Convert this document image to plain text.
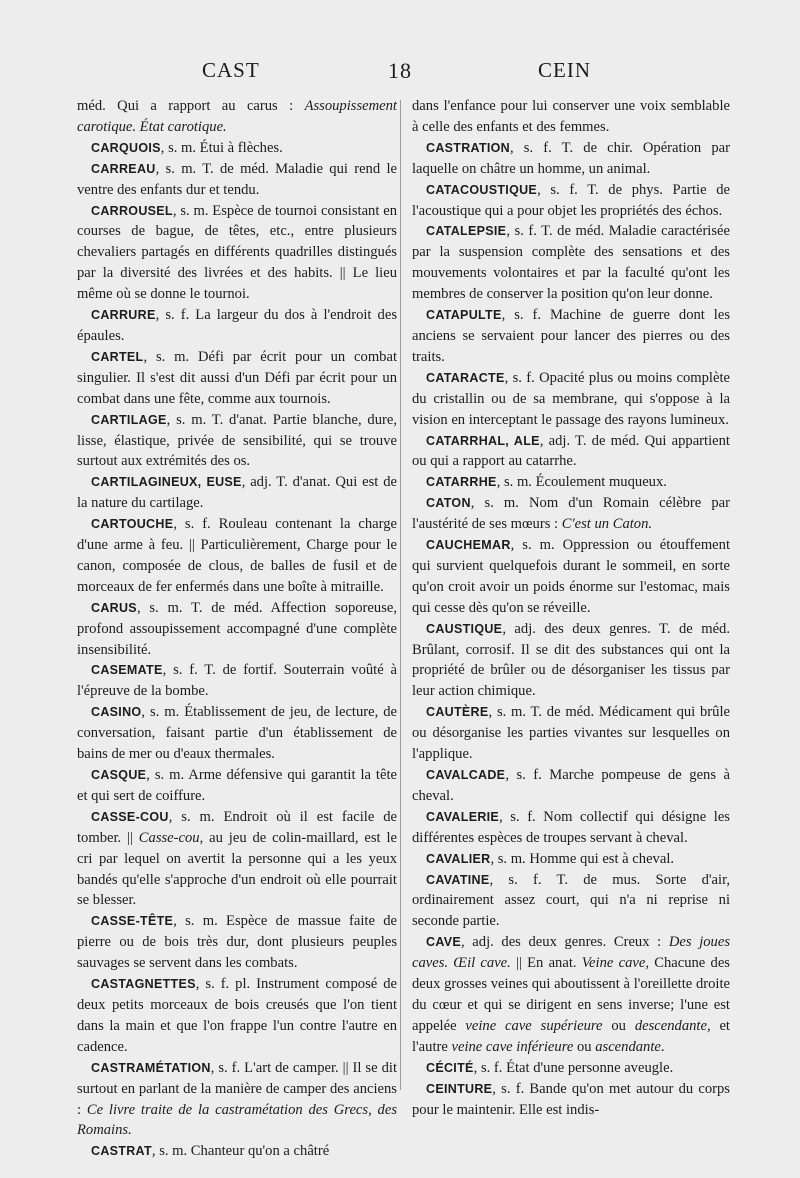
CAST	18	CEIN

méd. Qui a rapport au carus : Assoupissement carotique. État carotique.

CARQUOIS, s. m. Étui à flèches.

CARREAU, s. m. T. de méd. Maladie qui rend le ventre des enfants dur et tendu.

CARROUSEL, s. m. Espèce de tournoi consistant en courses de bague, de têtes, etc., entre plusieurs chevaliers partagés en différents quadrilles distingués par la diversité des livrées et des habits. || Le lieu même où se donne le tournoi.

CARRURE, s. f. La largeur du dos à l'endroit des épaules.

CARTEL, s. m. Défi par écrit pour un combat singulier. Il s'est dit aussi d'un Défi par écrit pour un combat dans une fête, comme aux tournois.

CARTILAGE, s. m. T. d'anat. Partie blanche, dure, lisse, élastique, privée de sensibilité, qui se trouve surtout aux extrémités des os.

CARTILAGINEUX, EUSE, adj. T. d'anat. Qui est de la nature du cartilage.

CARTOUCHE, s. f. Rouleau contenant la charge d'une arme à feu. || Particulièrement, Charge pour le canon, composée de clous, de balles de fusil et de morceaux de fer enfermés dans une boîte à mitraille.

CARUS, s. m. T. de méd. Affection soporeuse, profond assoupissement accompagné d'une complète insensibilité.

CASEMATE, s. f. T. de fortif. Souterrain voûté à l'épreuve de la bombe.

CASINO, s. m. Établissement de jeu, de lecture, de conversation, faisant partie d'un établissement de bains de mer ou d'eaux thermales.

CASQUE, s. m. Arme défensive qui garantit la tête et qui sert de coiffure.

CASSE-COU, s. m. Endroit où il est facile de tomber. || Casse-cou, au jeu de colin-maillard, est le cri par lequel on avertit la personne qui a les yeux bandés qu'elle s'approche d'un endroit où elle pourrait se blesser.

CASSE-TÊTE, s. m. Espèce de massue faite de pierre ou de bois très dur, dont plusieurs peuples sauvages se servent dans les combats.

CASTAGNETTES, s. f. pl. Instrument composé de deux petits morceaux de bois creusés que l'on tient dans la main et que l'on frappe l'un contre l'autre en cadence.

CASTRAMÉTATION, s. f. L'art de camper. || Il se dit surtout en parlant de la manière de camper des anciens : Ce livre traite de la castramétation des Grecs, des Romains.

CASTRAT, s. m. Chanteur qu'on a châtré

dans l'enfance pour lui conserver une voix semblable à celle des enfants et des femmes.

CASTRATION, s. f. T. de chir. Opération par laquelle on châtre un homme, un animal.

CATACOUSTIQUE, s. f. T. de phys. Partie de l'acoustique qui a pour objet les propriétés des échos.

CATALEPSIE, s. f. T. de méd. Maladie caractérisée par la suspension complète des sensations et des mouvements volontaires et par la faculté qu'ont les membres de conserver la position qu'on leur donne.

CATAPULTE, s. f. Machine de guerre dont les anciens se servaient pour lancer des pierres ou des traits.

CATARACTE, s. f. Opacité plus ou moins complète du cristallin ou de sa membrane, qui s'oppose à la vision en interceptant le passage des rayons lumineux.

CATARRHAL, ALE, adj. T. de méd. Qui appartient ou qui a rapport au catarrhe.

CATARRHE, s. m. Écoulement muqueux.

CATON, s. m. Nom d'un Romain célèbre par l'austérité de ses mœurs : C'est un Caton.

CAUCHEMAR, s. m. Oppression ou étouffement qui survient quelquefois durant le sommeil, en sorte qu'on croit avoir un poids énorme sur l'estomac, mais qui cesse dès qu'on se réveille.

CAUSTIQUE, adj. des deux genres. T. de méd. Brûlant, corrosif. Il se dit des substances qui ont la propriété de brûler ou de désorganiser les tissus par leur action chimique.

CAUTÈRE, s. m. T. de méd. Médicament qui brûle ou désorganise les parties vivantes sur lesquelles on l'applique.

CAVALCADE, s. f. Marche pompeuse de gens à cheval.

CAVALERIE, s. f. Nom collectif qui désigne les différentes espèces de troupes servant à cheval.

CAVALIER, s. m. Homme qui est à cheval.

CAVATINE, s. f. T. de mus. Sorte d'air, ordinairement assez court, qui n'a ni reprise ni seconde partie.

CAVE, adj. des deux genres. Creux : Des joues caves. Œil cave. || En anat. Veine cave, Chacune des deux grosses veines qui aboutissent à l'oreillette droite du cœur et qui se dirigent en sens inverse; l'une est appelée veine cave supérieure ou descendante, et l'autre veine cave inférieure ou ascendante.

CÉCITÉ, s. f. État d'une personne aveugle.

CEINTURE, s. f. Bande qu'on met autour du corps pour le maintenir. Elle est indis-
